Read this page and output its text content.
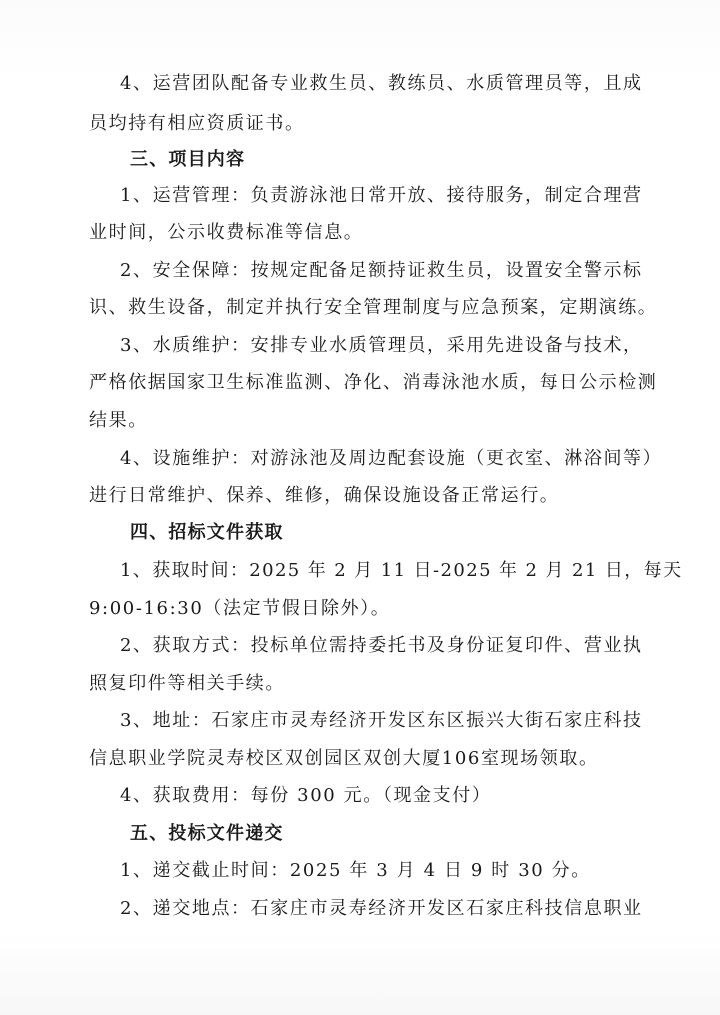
4、运营团队配备专业救生员、教练员、水质管理员等，且成
员均持有相应资质证书。
三、项目内容
1、运营管理：负责游泳池日常开放、接待服务，制定合理营
业时间，公示收费标准等信息。
2、安全保障：按规定配备足额持证救生员，设置安全警示标
识、救生设备，制定并执行安全管理制度与应急预案，定期演练。
3、水质维护：安排专业水质管理员，采用先进设备与技术，
严格依据国家卫生标准监测、净化、消毒泳池水质，每日公示检测
结果。
4、设施维护：对游泳池及周边配套设施（更衣室、淋浴间等）
进行日常维护、保养、维修，确保设施设备正常运行。
四、招标文件获取
1、获取时间：2025 年 2 月 11 日-2025 年 2 月 21 日，每天
9:00-16:30（法定节假日除外）。
2、获取方式：投标单位需持委托书及身份证复印件、营业执
照复印件等相关手续。
3、地址：石家庄市灵寿经济开发区东区振兴大街石家庄科技
信息职业学院灵寿校区双创园区双创大厦106室现场领取。
4、获取费用：每份 300 元。（现金支付）
五、投标文件递交
1、递交截止时间：2025 年 3 月 4 日 9 时 30 分。
2、递交地点：石家庄市灵寿经济开发区石家庄科技信息职业
